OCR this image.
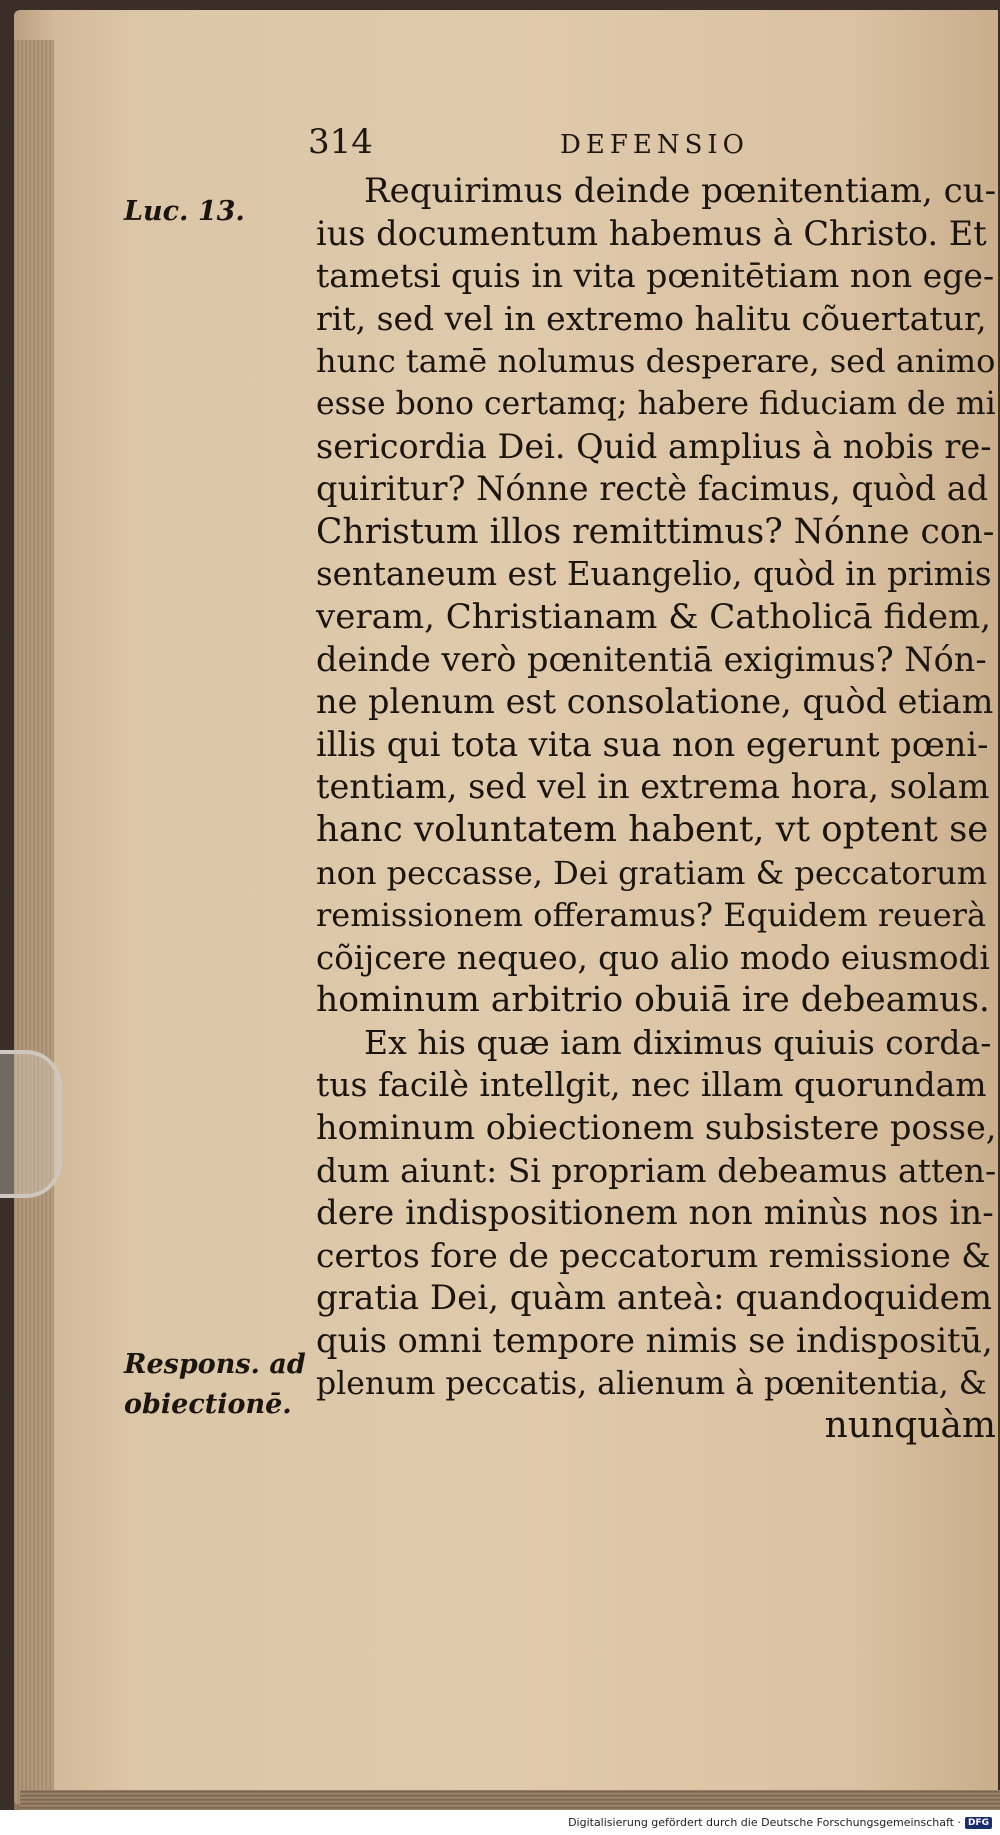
314	DEFENSIO
Luc. 13.
Respons. ad
obiectionē.
Requirimus deinde pœnitentiam, cu-
ius documentum habemus à Christo. Et
tametsi quis in vita pœnitētiam non ege-
rit, sed vel in extremo halitu cõuertatur,
hunc tamē nolumus desperare, sed animo
esse bono certamq; habere fiduciam de mi
sericordia Dei. Quid amplius à nobis re-
quiritur? Nónne rectè facimus, quòd ad
Christum illos remittimus? Nónne con-
sentaneum est Euangelio, quòd in primis
veram, Christianam & Catholicā fidem,
deinde verò pœnitentiā exigimus? Nón-
ne plenum est consolatione, quòd etiam
illis qui tota vita sua non egerunt pœni-
tentiam, sed vel in extrema hora, solam
hanc voluntatem habent, vt optent se
non peccasse, Dei gratiam & peccatorum
remissionem offeramus? Equidem reuerà
cõijcere nequeo, quo alio modo eiusmodi
hominum arbitrio obuiā ire debeamus.
Ex his quæ iam diximus quiuis corda-
tus facilè intellgit, nec illam quorundam
hominum obiectionem subsistere posse,
dum aiunt: Si propriam debeamus atten-
dere indispositionem non minùs nos in-
certos fore de peccatorum remissione &
gratia Dei, quàm anteà: quandoquidem
quis omni tempore nimis se indispositū,
plenum peccatis, alienum à pœnitentia, &
nunquàm
Digitalisierung gefördert durch die Deutsche Forschungsgemeinschaft · DFG
